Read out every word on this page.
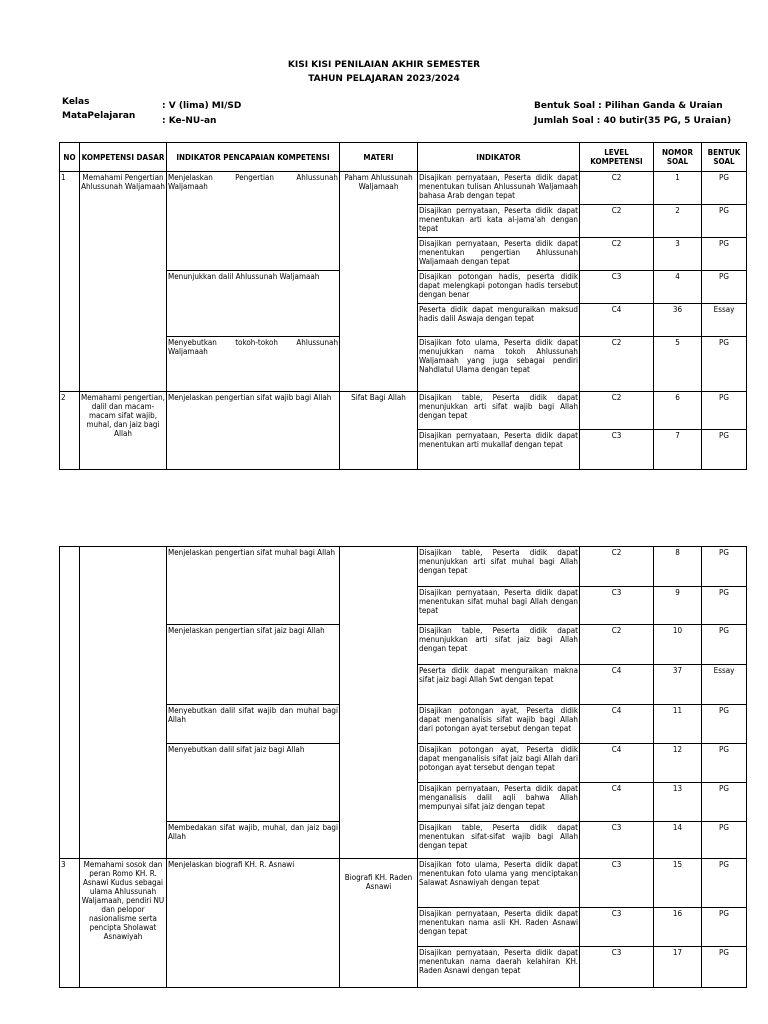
KISI KISI PENILAIAN AKHIR SEMESTER
TAHUN PELAJARAN 2023/2024
Kelas	: V (lima) MI/SD
MataPelajaran	: Ke-NU-an
Bentuk Soal : Pilihan Ganda & Uraian
Jumlah Soal : 40 butir(35 PG, 5 Uraian)
NO	KOMPETENSI DASAR	INDIKATOR PENCAPAIAN KOMPETENSI	MATERI	INDIKATOR	LEVEL KOMPETENSI	NOMOR SOAL	BENTUK SOAL
1	Memahami Pengertian Ahlussunah Waljamaah	Menjelaskan Pengertian Ahlussunah Waljamaah	Paham Ahlussunah Waljamaah	Disajikan pernyataan, Peserta didik dapat menentukan tulisan Ahlussunah Waljamaah bahasa Arab dengan tepat	C2	1	PG
				Disajikan pernyataan, Peserta didik dapat menentukan arti kata al-jama'ah dengan tepat	C2	2	PG
				Disajikan pernyataan, Peserta didik dapat menentukan pengertian Ahlussunah Waljamaah dengan tepat	C2	3	PG
		Menunjukkan dalil Ahlussunah Waljamaah		Disajikan potongan hadis, peserta didik dapat melengkapi potongan hadis tersebut dengan benar	C3	4	PG
				Peserta didik dapat menguraikan maksud hadis dalil Aswaja dengan tepat	C4	36	Essay
		Menyebutkan tokoh-tokoh Ahlussunah Waljamaah		Disajikan foto ulama, Peserta didik dapat menujukkan nama tokoh Ahlussunah Waljamaah yang juga sebagai pendiri Nahdlatul Ulama dengan tepat	C2	5	PG
2	Memahami pengertian, dalil dan macam-macam sifat wajib, muhal, dan jaiz bagi Allah	Menjelaskan pengertian sifat wajib bagi Allah	Sifat Bagi Allah	Disajikan table, Peserta didik dapat menunjukkan arti sifat wajib bagi Allah dengan tepat	C2	6	PG
				Disajikan pernyataan, Peserta didik dapat menentukan arti mukallaf dengan tepat	C3	7	PG
		Menjelaskan pengertian sifat muhal bagi Allah		Disajikan table, Peserta didik dapat menunjukkan arti sifat muhal bagi Allah dengan tepat	C2	8	PG
				Disajikan pernyataan, Peserta didik dapat menentukan sifat muhal bagi Allah dengan tepat	C3	9	PG
		Menjelaskan pengertian sifat jaiz bagi Allah		Disajikan table, Peserta didik dapat menunjukkan arti sifat jaiz bagi Allah dengan tepat	C2	10	PG
				Peserta didik dapat menguraikan makna sifat jaiz bagi Allah Swt dengan tepat	C4	37	Essay
		Menyebutkan dalil sifat wajib dan muhal bagi Allah		Disajikan potongan ayat, Peserta didik dapat menganalisis sifat wajib bagi Allah dari potongan ayat tersebut dengan tepat	C4	11	PG
		Menyebutkan dalil sifat jaiz bagi Allah		Disajikan potongan ayat, Peserta didik dapat menganalisis sifat jaiz bagi Allah dari potongan ayat tersebut dengan tepat	C4	12	PG
				Disajikan pernyataan, Peserta didik dapat menganalisis dalil aqli bahwa Allah mempunyai sifat jaiz dengan tepat	C4	13	PG
		Membedakan sifat wajib, muhal, dan jaiz bagi Allah		Disajikan table, Peserta didik dapat menentukan sifat-sifat wajib bagi Allah dengan tepat	C3	14	PG
3	Memahami sosok dan peran Romo KH. R. Asnawi Kudus sebagai ulama Ahlussunah Waljamaah, pendiri NU dan pelopor nasionalisme serta pencipta Sholawat Asnawiyah	Menjelaskan biografi KH. R. Asnawi	Biografi KH. Raden Asnawi	Disajikan foto ulama, Peserta didik dapat menentukan foto ulama yang menciptakan Salawat Asnawiyah dengan tepat	C3	15	PG
				Disajikan pernyataan, Peserta didik dapat menentukan nama asli KH. Raden Asnawi dengan tepat	C3	16	PG
				Disajikan pernyataan, Peserta didik dapat menentukan nama daerah kelahiran KH. Raden Asnawi dengan tepat	C3	17	PG
